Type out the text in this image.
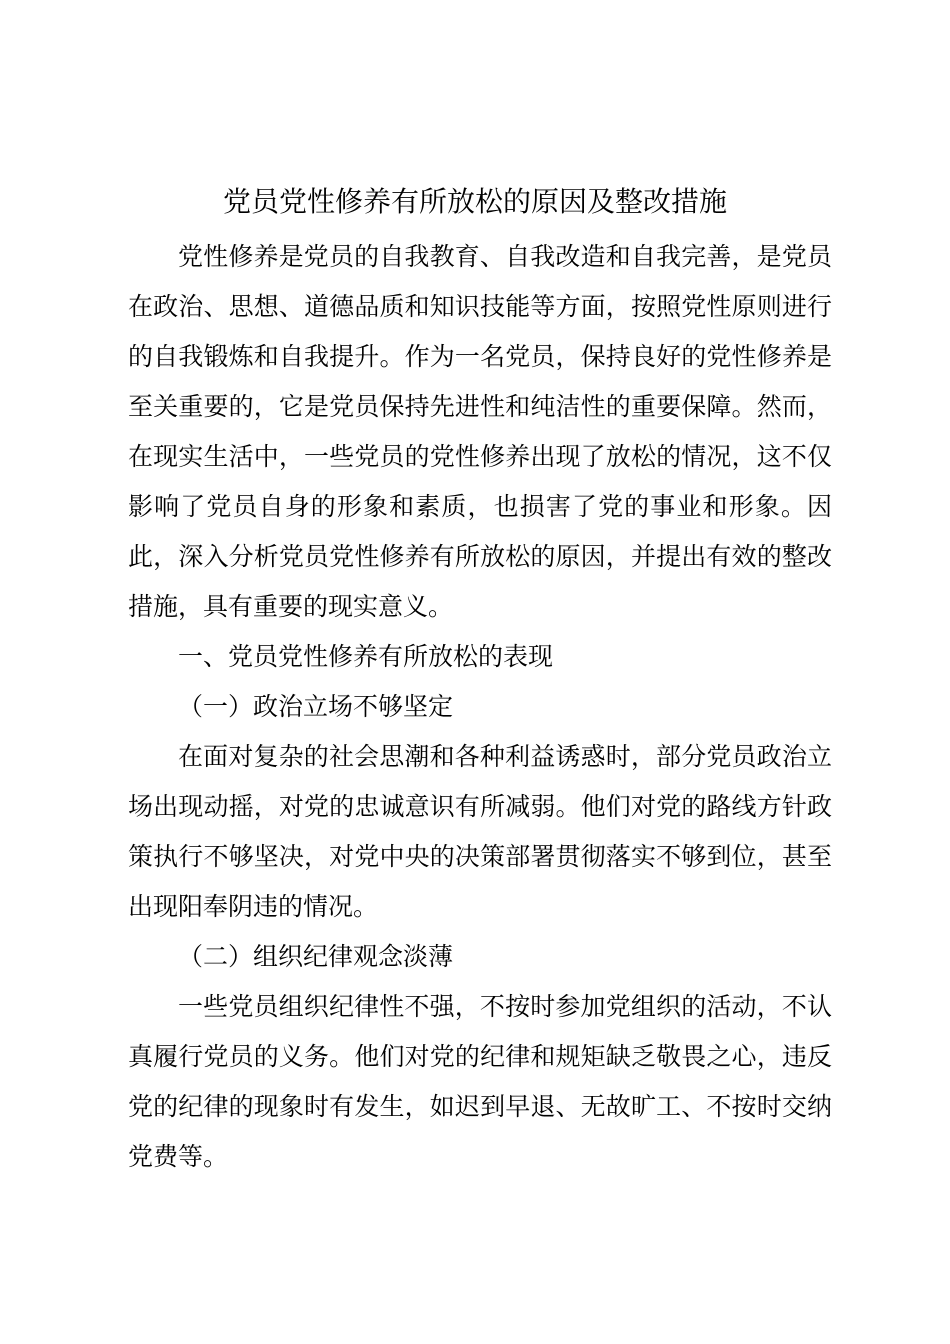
党员党性修养有所放松的原因及整改措施

党性修养是党员的自我教育、自我改造和自我完善，是党员在政治、思想、道德品质和知识技能等方面，按照党性原则进行的自我锻炼和自我提升。作为一名党员，保持良好的党性修养是至关重要的，它是党员保持先进性和纯洁性的重要保障。然而，在现实生活中，一些党员的党性修养出现了放松的情况，这不仅影响了党员自身的形象和素质，也损害了党的事业和形象。因此，深入分析党员党性修养有所放松的原因，并提出有效的整改措施，具有重要的现实意义。

一、党员党性修养有所放松的表现

（一）政治立场不够坚定

在面对复杂的社会思潮和各种利益诱惑时，部分党员政治立场出现动摇，对党的忠诚意识有所减弱。他们对党的路线方针政策执行不够坚决，对党中央的决策部署贯彻落实不够到位，甚至出现阳奉阴违的情况。

（二）组织纪律观念淡薄

一些党员组织纪律性不强，不按时参加党组织的活动，不认真履行党员的义务。他们对党的纪律和规矩缺乏敬畏之心，违反党的纪律的现象时有发生，如迟到早退、无故旷工、不按时交纳党费等。
